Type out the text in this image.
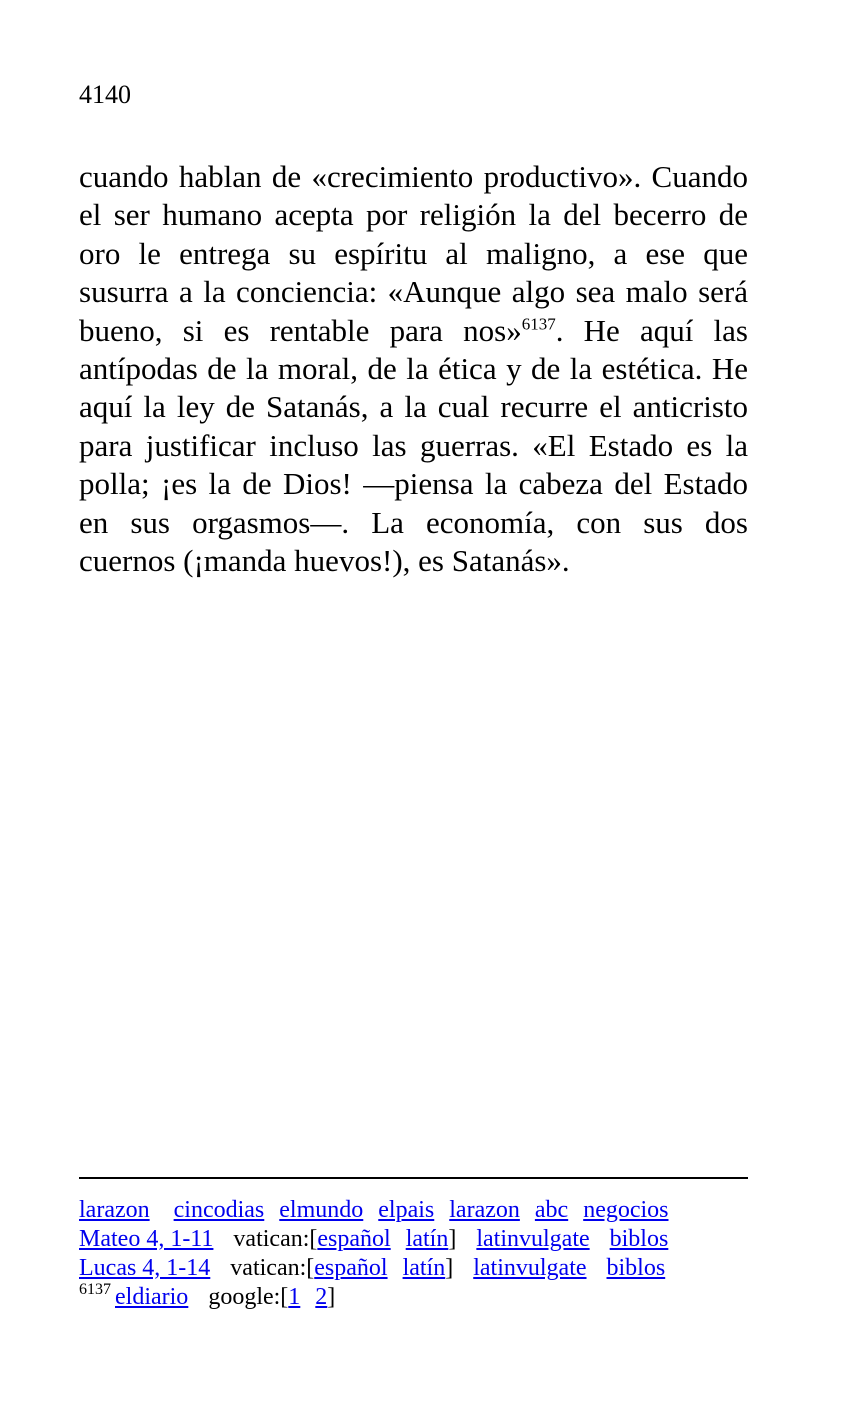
4140

cuando hablan de «crecimiento productivo». Cuando el ser humano acepta por religión la del becerro de oro le entrega su espíritu al maligno, a ese que susurra a la conciencia: «Aunque algo sea malo será bueno, si es rentable para nos»$^{6137}$. He aquí las antípodas de la moral, de la ética y de la estética. He aquí la ley de Satanás, a la cual recurre el anticristo para justificar incluso las guerras. «El Estado es la polla; ¡es la de Dios! —piensa la cabeza del Estado en sus orgasmos—. La economía, con sus dos cuernos (¡manda huevos!), es Satanás».

larazon cincodias elmundo elpais larazon abc negocios
Mateo 4, 1-11 vatican:[español latín] latinvulgate biblos
Lucas 4, 1-14 vatican:[español latín] latinvulgate biblos
$^{6137}$ eldiario google:[1 2]
